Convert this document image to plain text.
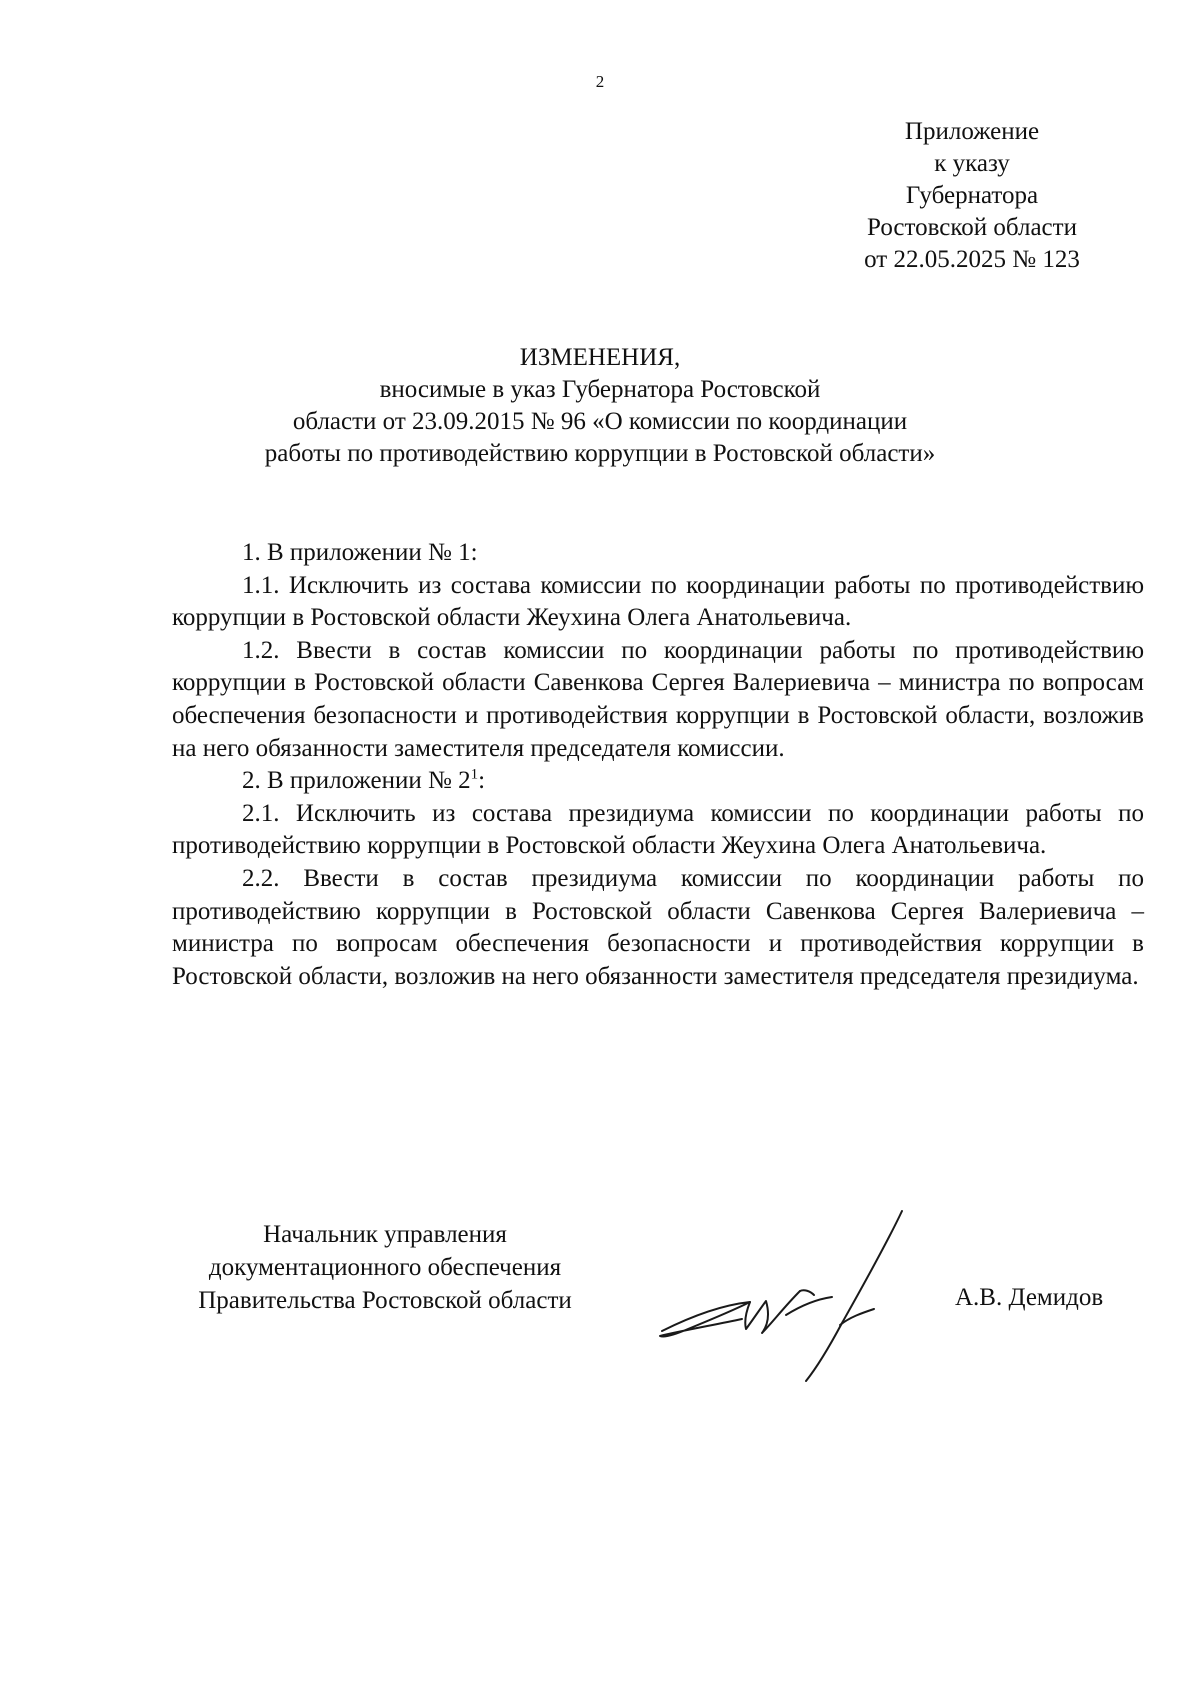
2
Приложение
к указу
Губернатора
Ростовской области
от 22.05.2025 № 123
ИЗМЕНЕНИЯ,
вносимые в указ Губернатора Ростовской
области от 23.09.2015 № 96 «О комиссии по координации
работы по противодействию коррупции в Ростовской области»

1. В приложении № 1:

1.1. Исключить из состава комиссии по координации работы по противодействию коррупции в Ростовской области Жеухина Олега Анатольевича.

1.2. Ввести в состав комиссии по координации работы по противодействию коррупции в Ростовской области Савенкова Сергея Валериевича – министра по вопросам обеспечения безопасности и противодействия коррупции в Ростовской области, возложив на него обязанности заместителя председателя комиссии.

2. В приложении № $2^1$:

2.1. Исключить из состава президиума комиссии по координации работы по противодействию коррупции в Ростовской области Жеухина Олега Анатольевича.

2.2. Ввести в состав президиума комиссии по координации работы по противодействию коррупции в Ростовской области Савенкова Сергея Валериевича – министра по вопросам обеспечения безопасности и противодействия коррупции в Ростовской области, возложив на него обязанности заместителя председателя президиума.

Начальник управления
документационного обеспечения
Правительства Ростовской области	А.В. Демидов
